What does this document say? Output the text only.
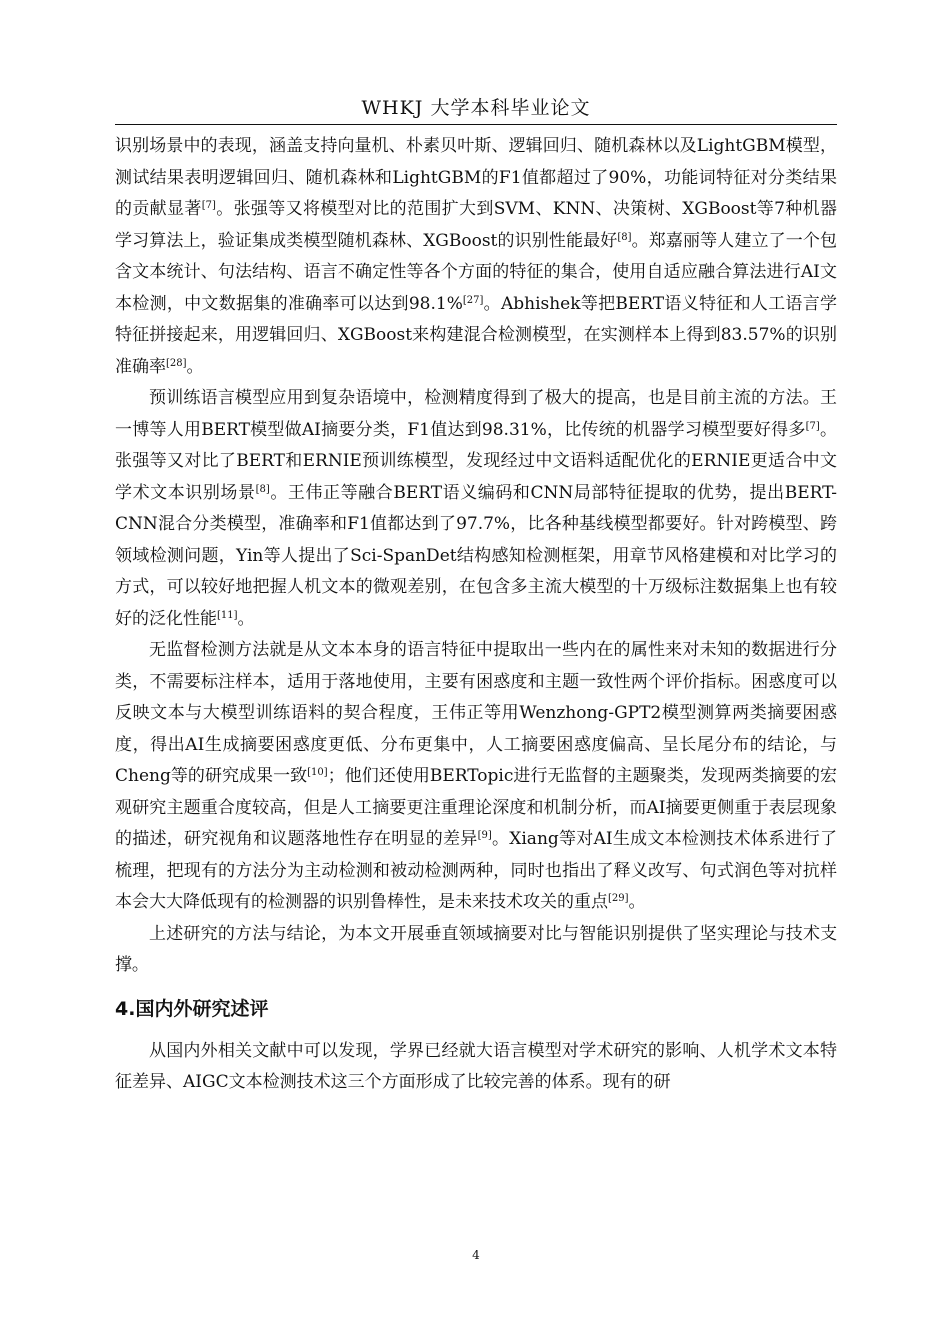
WHKJ 大学本科毕业论文

识别场景中的表现，涵盖支持向量机、朴素贝叶斯、逻辑回归、随机森林以及LightGBM模型，测试结果表明逻辑回归、随机森林和LightGBM的F1值都超过了90%，功能词特征对分类结果的贡献显著[7]。张强等又将模型对比的范围扩大到SVM、KNN、决策树、XGBoost等7种机器学习算法上，验证集成类模型随机森林、XGBoost的识别性能最好[8]。郑嘉丽等人建立了一个包含文本统计、句法结构、语言不确定性等各个方面的特征的集合，使用自适应融合算法进行AI文本检测，中文数据集的准确率可以达到98.1%[27]。Abhishek等把BERT语义特征和人工语言学特征拼接起来，用逻辑回归、XGBoost来构建混合检测模型，在实测样本上得到83.57%的识别准确率[28]。

预训练语言模型应用到复杂语境中，检测精度得到了极大的提高，也是目前主流的方法。王一博等人用BERT模型做AI摘要分类，F1值达到98.31%，比传统的机器学习模型要好得多[7]。张强等又对比了BERT和ERNIE预训练模型，发现经过中文语料适配优化的ERNIE更适合中文学术文本识别场景[8]。王伟正等融合BERT语义编码和CNN局部特征提取的优势，提出BERT-CNN混合分类模型，准确率和F1值都达到了97.7%，比各种基线模型都要好。针对跨模型、跨领域检测问题，Yin等人提出了Sci-SpanDet结构感知检测框架，用章节风格建模和对比学习的方式，可以较好地把握人机文本的微观差别，在包含多主流大模型的十万级标注数据集上也有较好的泛化性能[11]。

无监督检测方法就是从文本本身的语言特征中提取出一些内在的属性来对未知的数据进行分类，不需要标注样本，适用于落地使用，主要有困惑度和主题一致性两个评价指标。困惑度可以反映文本与大模型训练语料的契合程度，王伟正等用Wenzhong-GPT2模型测算两类摘要困惑度，得出AI生成摘要困惑度更低、分布更集中，人工摘要困惑度偏高、呈长尾分布的结论，与Cheng等的研究成果一致[10]；他们还使用BERTopic进行无监督的主题聚类，发现两类摘要的宏观研究主题重合度较高，但是人工摘要更注重理论深度和机制分析，而AI摘要更侧重于表层现象的描述，研究视角和议题落地性存在明显的差异[9]。Xiang等对AI生成文本检测技术体系进行了梳理，把现有的方法分为主动检测和被动检测两种，同时也指出了释义改写、句式润色等对抗样本会大大降低现有的检测器的识别鲁棒性，是未来技术攻关的重点[29]。

上述研究的方法与结论，为本文开展垂直领域摘要对比与智能识别提供了坚实理论与技术支撑。

4.国内外研究述评

从国内外相关文献中可以发现，学界已经就大语言模型对学术研究的影响、人机学术文本特征差异、AIGC文本检测技术这三个方面形成了比较完善的体系。现有的研

4
